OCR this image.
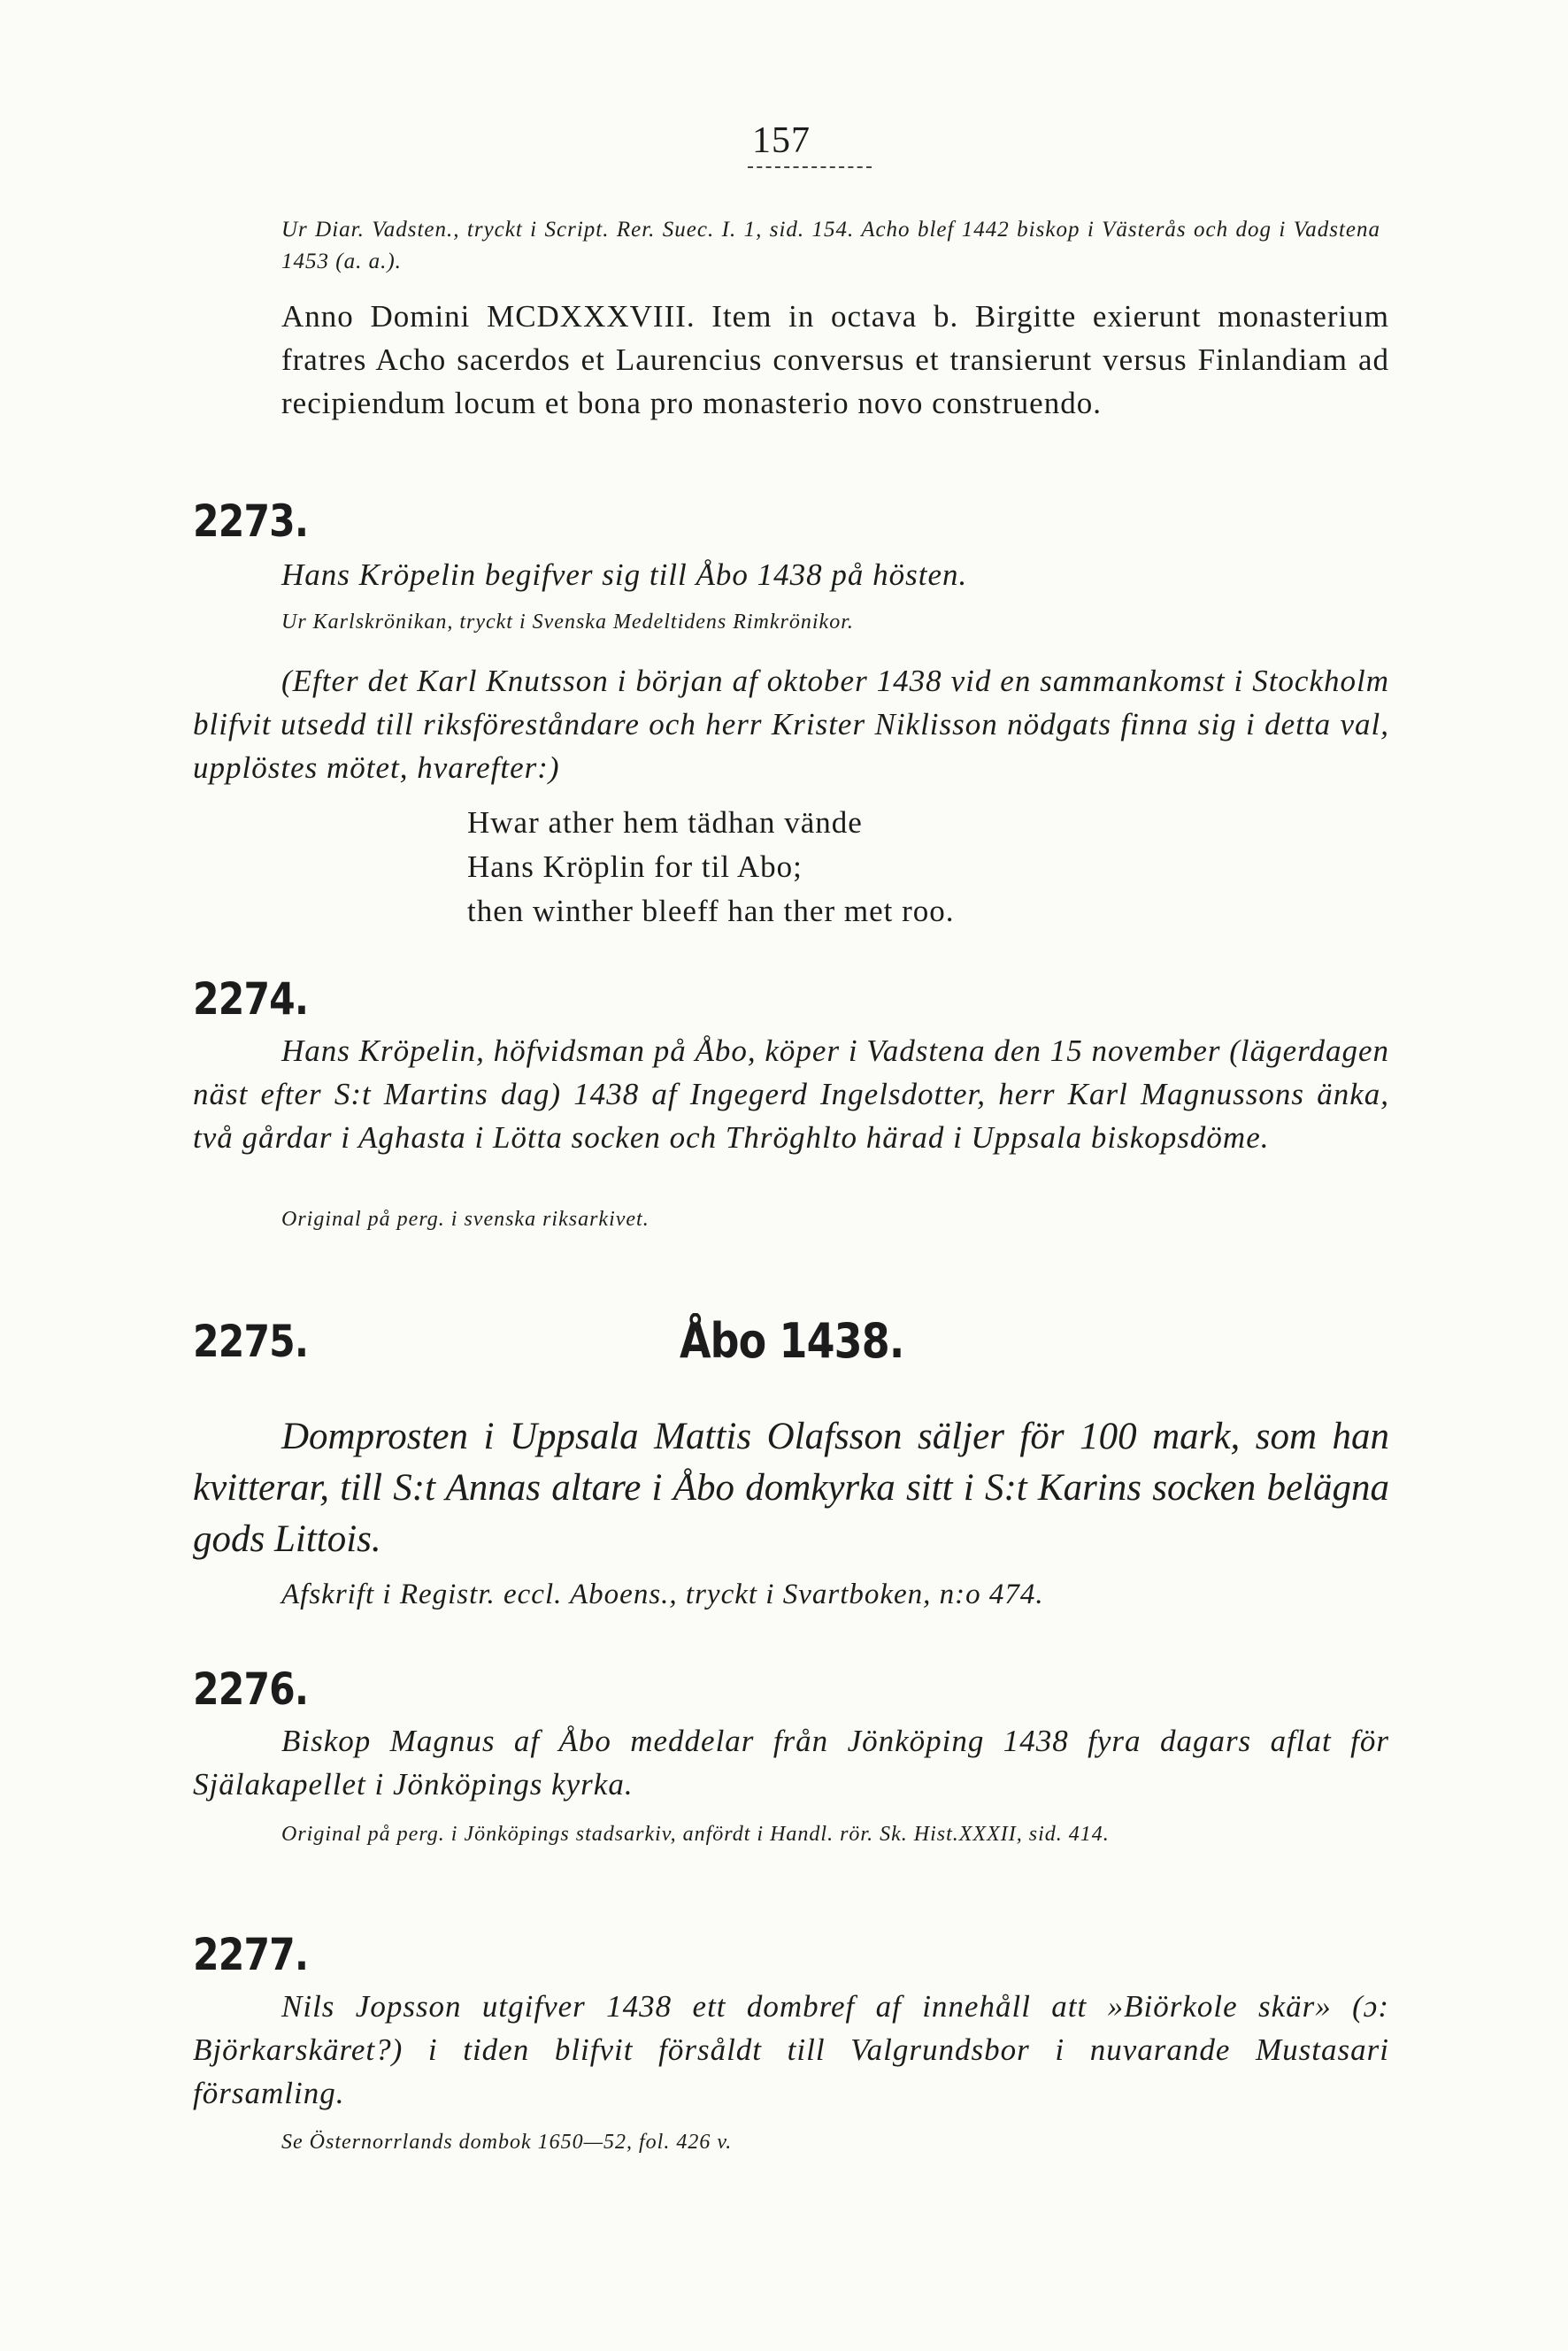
157
Ur Diar. Vadsten., tryckt i Script. Rer. Suec. I. 1, sid. 154. Acho blef 1442 biskop i Västerås och dog i Vadstena 1453 (a. a.).
Anno Domini MCDXXXVIII. Item in octava b. Birgitte exierunt monasterium fratres Acho sacerdos et Laurencius conversus et transierunt versus Finlandiam ad recipiendum locum et bona pro monasterio novo construendo.
2273.
Hans Kröpelin begifver sig till Åbo 1438 på hösten.
Ur Karlskrönikan, tryckt i Svenska Medeltidens Rimkrönikor.
(Efter det Karl Knutsson i början af oktober 1438 vid en sammankomst i Stockholm blifvit utsedd till riksföreståndare och herr Krister Niklisson nödgats finna sig i detta val, upplöstes mötet, hvarefter:)
Hwar ather hem tädhan vände
Hans Kröplin for til Abo;
then winther bleeff han ther met roo.
2274.
Hans Kröpelin, höfvidsman på Åbo, köper i Vadstena den 15 november (lägerdagen näst efter S:t Martins dag) 1438 af Ingegerd Ingelsdotter, herr Karl Magnussons änka, två gårdar i Aghasta i Lötta socken och Thröghlto härad i Uppsala biskopsdöme.
Original på perg. i svenska riksarkivet.
2275.	Åbo 1438.
Domprosten i Uppsala Mattis Olafsson säljer för 100 mark, som han kvitterar, till S:t Annas altare i Åbo domkyrka sitt i S:t Karins socken belägna gods Littois.
Afskrift i Registr. eccl. Aboens., tryckt i Svartboken, n:o 474.
2276.
Biskop Magnus af Åbo meddelar från Jönköping 1438 fyra dagars aflat för Själakapellet i Jönköpings kyrka.
Original på perg. i Jönköpings stadsarkiv, anfördt i Handl. rör. Sk. Hist.XXXII, sid. 414.
2277.
Nils Jopsson utgifver 1438 ett dombref af innehåll att »Biörkole skär» (ɔ: Björkarskäret?) i tiden blifvit försåldt till Valgrundsbor i nuvarande Mustasari församling.
Se Östernorrlands dombok 1650—52, fol. 426 v.
